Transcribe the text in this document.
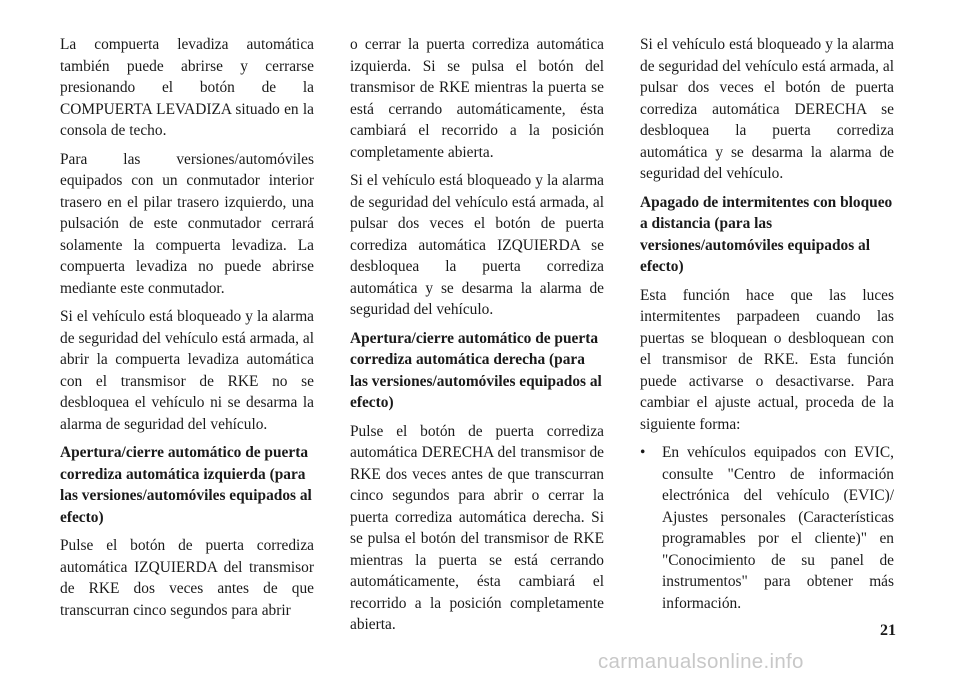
La compuerta levadiza automática también puede abrirse y cerrarse presionando el botón de la COMPUERTA LEVADIZA situado en la consola de techo.

Para las versiones/automóviles equipados con un conmutador interior trasero en el pilar trasero izquierdo, una pulsación de este conmutador cerrará solamente la compuerta levadiza. La compuerta levadiza no puede abrirse mediante este conmutador.

Si el vehículo está bloqueado y la alarma de seguridad del vehículo está armada, al abrir la compuerta levadiza automática con el transmisor de RKE no se desbloquea el vehículo ni se desarma la alarma de seguridad del vehículo.

Apertura/cierre automático de puerta corrediza automática izquierda (para las versiones/automóviles equipados al efecto)

Pulse el botón de puerta corrediza automática IZQUIERDA del transmisor de RKE dos veces antes de que transcurran cinco segundos para abrir

o cerrar la puerta corrediza automática izquierda. Si se pulsa el botón del transmisor de RKE mientras la puerta se está cerrando automáticamente, ésta cambiará el recorrido a la posición completamente abierta.

Si el vehículo está bloqueado y la alarma de seguridad del vehículo está armada, al pulsar dos veces el botón de puerta corrediza automática IZQUIERDA se desbloquea la puerta corrediza automática y se desarma la alarma de seguridad del vehículo.

Apertura/cierre automático de puerta corrediza automática derecha (para las versiones/automóviles equipados al efecto)

Pulse el botón de puerta corrediza automática DERECHA del transmisor de RKE dos veces antes de que transcurran cinco segundos para abrir o cerrar la puerta corrediza automática derecha. Si se pulsa el botón del transmisor de RKE mientras la puerta se está cerrando automáticamente, ésta cambiará el recorrido a la posición completamente abierta.

Si el vehículo está bloqueado y la alarma de seguridad del vehículo está armada, al pulsar dos veces el botón de puerta corrediza automática DERECHA se desbloquea la puerta corrediza automática y se desarma la alarma de seguridad del vehículo.

Apagado de intermitentes con bloqueo a distancia (para las versiones/automóviles equipados al efecto)

Esta función hace que las luces intermitentes parpadeen cuando las puertas se bloquean o desbloquean con el transmisor de RKE. Esta función puede activarse o desactivarse. Para cambiar el ajuste actual, proceda de la siguiente forma:

•	En vehículos equipados con EVIC, consulte "Centro de información electrónica del vehículo (EVIC)/ Ajustes personales (Características programables por el cliente)" en "Conocimiento de su panel de instrumentos" para obtener más información.
21
carmanualsonline.info
